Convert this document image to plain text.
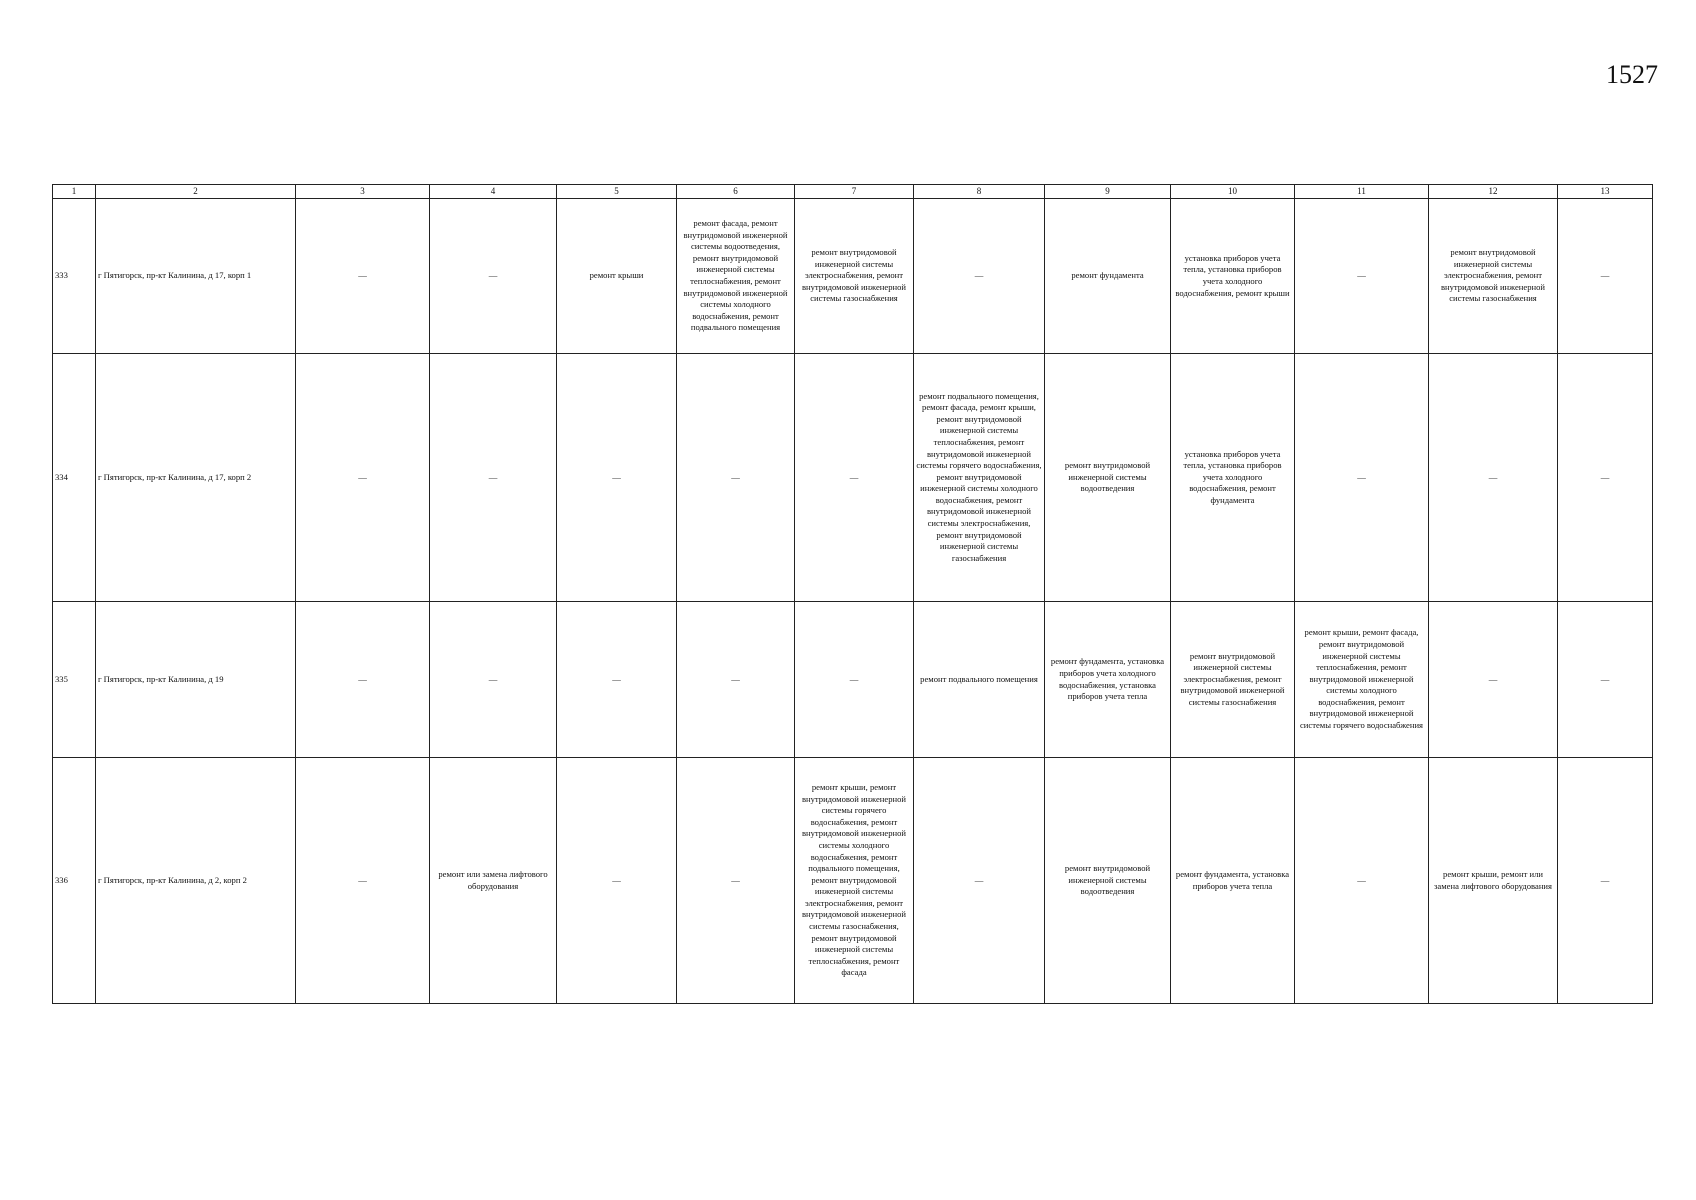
1527
1	2	3	4	5	6	7	8	9	10	11	12	13
333	г Пятигорск, пр-кт Калинина, д 17, корп 1	—	—	ремонт крыши	ремонт фасада, ремонт внутридомовой инженерной системы водоотведения, ремонт внутридомовой инженерной системы теплоснабжения, ремонт внутридомовой инженерной системы холодного водоснабжения, ремонт подвального помещения	ремонт внутридомовой инженерной системы электроснабжения, ремонт внутридомовой инженерной системы газоснабжения	—	ремонт фундамента	установка приборов учета тепла, установка приборов учета холодного водоснабжения, ремонт крыши	—	ремонт внутридомовой инженерной системы электроснабжения, ремонт внутридомовой инженерной системы газоснабжения	—
334	г Пятигорск, пр-кт Калинина, д 17, корп 2	—	—	—	—	—	ремонт подвального помещения, ремонт фасада, ремонт крыши, ремонт внутридомовой инженерной системы теплоснабжения, ремонт внутридомовой инженерной системы горячего водоснабжения, ремонт внутридомовой инженерной системы холодного водоснабжения, ремонт внутридомовой инженерной системы электроснабжения, ремонт внутридомовой инженерной системы газоснабжения	ремонт внутридомовой инженерной системы водоотведения	установка приборов учета тепла, установка приборов учета холодного водоснабжения, ремонт фундамента	—	—	—
335	г Пятигорск, пр-кт Калинина, д 19	—	—	—	—	—	ремонт подвального помещения	ремонт фундамента, установка приборов учета холодного водоснабжения, установка приборов учета тепла	ремонт внутридомовой инженерной системы электроснабжения, ремонт внутридомовой инженерной системы газоснабжения	ремонт крыши, ремонт фасада, ремонт внутридомовой инженерной системы теплоснабжения, ремонт внутридомовой инженерной системы холодного водоснабжения, ремонт внутридомовой инженерной системы горячего водоснабжения	—	—
336	г Пятигорск, пр-кт Калинина, д 2, корп 2	—	ремонт или замена лифтового оборудования	—	—	ремонт крыши, ремонт внутридомовой инженерной системы горячего водоснабжения, ремонт внутридомовой инженерной системы холодного водоснабжения, ремонт подвального помещения, ремонт внутридомовой инженерной системы электроснабжения, ремонт внутридомовой инженерной системы газоснабжения, ремонт внутридомовой инженерной системы теплоснабжения, ремонт фасада	—	ремонт внутридомовой инженерной системы водоотведения	ремонт фундамента, установка приборов учета тепла	—	ремонт крыши, ремонт или замена лифтового оборудования	—
